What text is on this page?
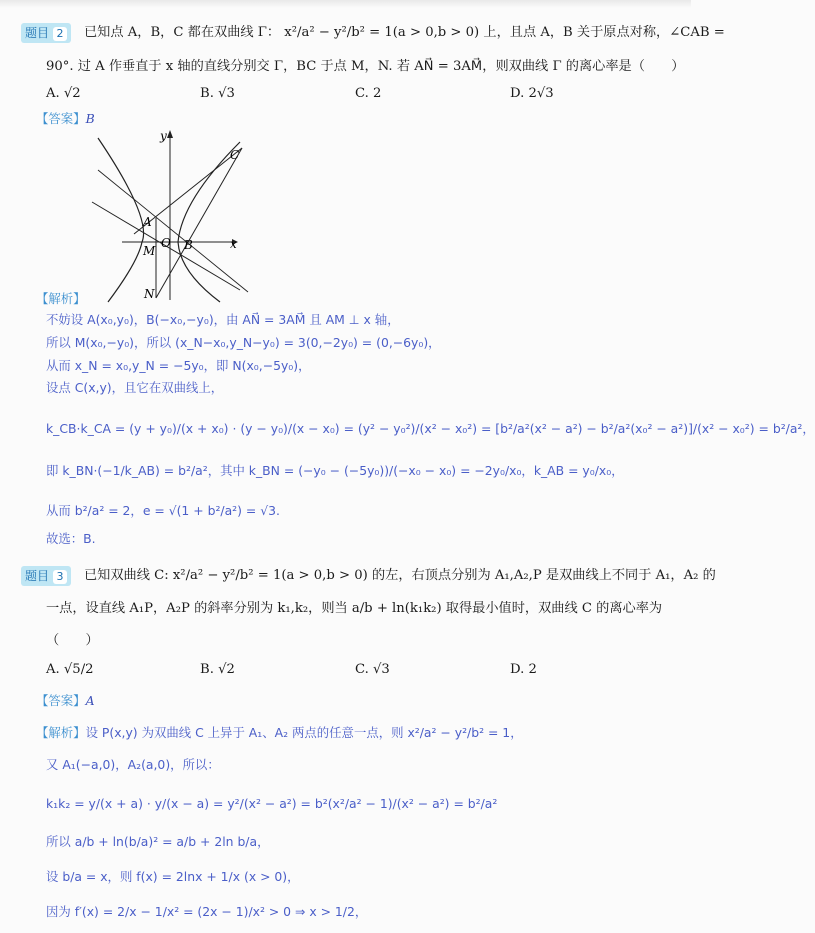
题目 2	已知点 A，B，C 都在双曲线 Γ： x²/a² − y²/b² = 1(a > 0,b > 0) 上，且点 A，B 关于原点对称，∠CAB =
90°. 过 A 作垂直于 x 轴的直线分别交 Γ，BC 于点 M，N. 若 AN⃗ = 3AM⃗，则双曲线 Γ 的离心率是（　　）
A. √2	B. √3	C. 2	D. 2√3
【答案】B
y
x
A
O B
M
N
C
【解析】
不妨设 A(x₀,y₀)，B(−x₀,−y₀)，由 AN⃗ = 3AM⃗ 且 AM ⊥ x 轴，
所以 M(x₀,−y₀)，所以 (x_N−x₀,y_N−y₀) = 3(0,−2y₀) = (0,−6y₀)，
从而 x_N = x₀,y_N = −5y₀，即 N(x₀,−5y₀)，
设点 C(x,y)，且它在双曲线上，
k_CB·k_CA = (y + y₀)/(x + x₀) · (y − y₀)/(x − x₀) = (y² − y₀²)/(x² − x₀²) = [b²/a²(x² − a²) − b²/a²(x₀² − a²)]/(x² − x₀²) = b²/a²，
即 k_BN·(−1/k_AB) = b²/a²，其中 k_BN = (−y₀ − (−5y₀))/(−x₀ − x₀) = −2y₀/x₀，k_AB = y₀/x₀，
从而 b²/a² = 2，e = √(1 + b²/a²) = √3.
故选：B.
题目 3	已知双曲线 C: x²/a² − y²/b² = 1(a > 0,b > 0) 的左，右顶点分别为 A₁,A₂,P 是双曲线上不同于 A₁，A₂ 的
一点，设直线 A₁P，A₂P 的斜率分别为 k₁,k₂，则当 a/b + ln(k₁k₂) 取得最小值时，双曲线 C 的离心率为
（　　）
A. √5/2	B. √2	C. √3	D. 2
【答案】A
【解析】设 P(x,y) 为双曲线 C 上异于 A₁、A₂ 两点的任意一点，则 x²/a² − y²/b² = 1，
又 A₁(−a,0)，A₂(a,0)，所以：
k₁k₂ = y/(x + a) · y/(x − a) = y²/(x² − a²) = b²(x²/a² − 1)/(x² − a²) = b²/a²
所以 a/b + ln(b/a)² = a/b + 2ln b/a，
设 b/a = x，则 f(x) = 2lnx + 1/x (x > 0)，
因为 f′(x) = 2/x − 1/x² = (2x − 1)/x² > 0 ⇒ x > 1/2，
